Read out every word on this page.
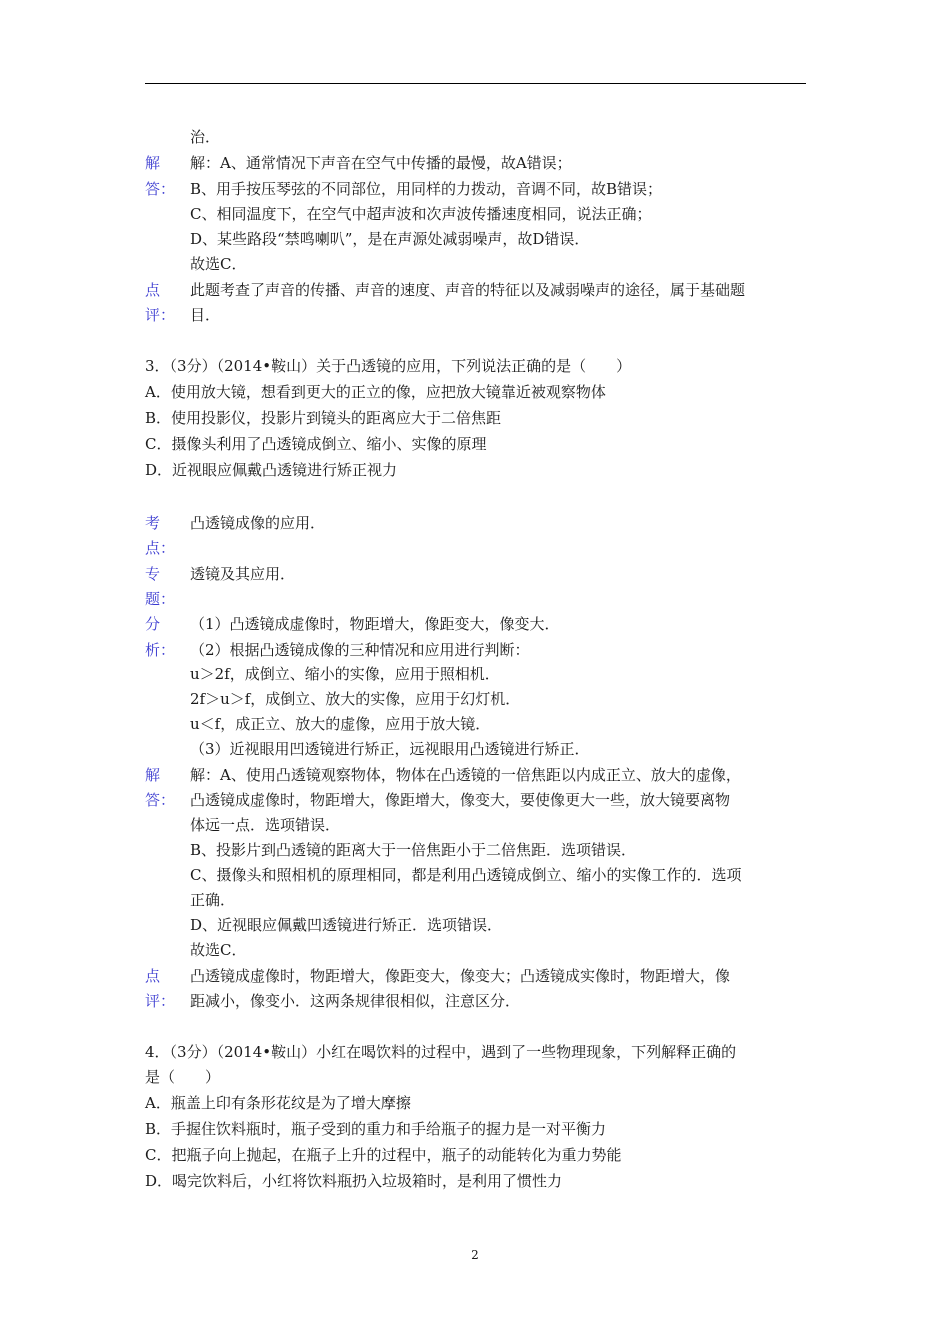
治．
解
答：
解：A、通常情况下声音在空气中传播的最慢，故A错误；
B、用手按压琴弦的不同部位，用同样的力拨动，音调不同，故B错误；
C、相同温度下，在空气中超声波和次声波传播速度相同，说法正确；
D、某些路段“禁鸣喇叭”，是在声源处减弱噪声，故D错误．
故选C．
点
评：
此题考查了声音的传播、声音的速度、声音的特征以及减弱噪声的途径，属于基础题
目．
3．（3分）（2014•鞍山）关于凸透镜的应用，下列说法正确的是（　　）
A．使用放大镜，想看到更大的正立的像，应把放大镜靠近被观察物体
B．使用投影仪，投影片到镜头的距离应大于二倍焦距
C．摄像头利用了凸透镜成倒立、缩小、实像的原理
D．近视眼应佩戴凸透镜进行矫正视力
考
点：
凸透镜成像的应用．
专
题：
透镜及其应用．
分
析：
（1）凸透镜成虚像时，物距增大，像距变大，像变大．
（2）根据凸透镜成像的三种情况和应用进行判断：
u＞2f，成倒立、缩小的实像，应用于照相机．
2f＞u＞f，成倒立、放大的实像，应用于幻灯机．
u＜f，成正立、放大的虚像，应用于放大镜．
（3）近视眼用凹透镜进行矫正，远视眼用凸透镜进行矫正．
解
答：
解：A、使用凸透镜观察物体，物体在凸透镜的一倍焦距以内成正立、放大的虚像，
凸透镜成虚像时，物距增大，像距增大，像变大，要使像更大一些，放大镜要离物
体远一点．选项错误．
B、投影片到凸透镜的距离大于一倍焦距小于二倍焦距．选项错误．
C、摄像头和照相机的原理相同，都是利用凸透镜成倒立、缩小的实像工作的．选项
正确．
D、近视眼应佩戴凹透镜进行矫正．选项错误．
故选C．
点
评：
凸透镜成虚像时，物距增大，像距变大，像变大；凸透镜成实像时，物距增大，像
距减小，像变小．这两条规律很相似，注意区分．
4．（3分）（2014•鞍山）小红在喝饮料的过程中，遇到了一些物理现象，下列解释正确的
是（　　）
A．瓶盖上印有条形花纹是为了增大摩擦
B．手握住饮料瓶时，瓶子受到的重力和手给瓶子的握力是一对平衡力
C．把瓶子向上抛起，在瓶子上升的过程中，瓶子的动能转化为重力势能
D．喝完饮料后，小红将饮料瓶扔入垃圾箱时，是利用了惯性力
2
